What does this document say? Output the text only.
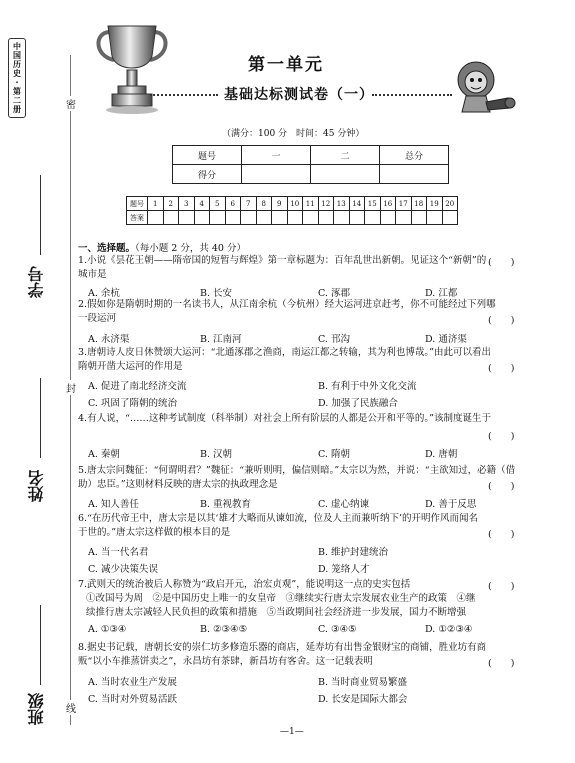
中
国
历
史
·
第
二
册	密
封
线
学号
姓名
班级
第一单元
基础达标测试卷（一）
（满分：100 分　时间：45 分钟）
题号	一	二	总分
得分			
题号	1	2	3	4	5	6	7	8	9	10	11	12	13	14	15	16	17	18	19	20
答案																				
一、选择题。（每小题 2 分，共 40 分）
1.小说《昙花王朝——隋帝国的短暂与辉煌》第一章标题为：百年乱世出新朝。见证这个“新朝”的
城市是
(　　)
A. 余杭	B. 长安	C. 涿郡	D. 江都
2.假如你是隋朝时期的一名读书人，从江南余杭（今杭州）经大运河进京赶考，你不可能经过下列哪
一段运河	(　　)
A. 永济渠	B. 江南河	C. 邗沟	D. 通济渠
3.唐朝诗人皮日休赞颂大运河：“北通涿郡之渔商，南运江都之转输，其为利也博哉。”由此可以看出
隋朝开凿大运河的作用是	(　　)
A. 促进了南北经济交流	B. 有利于中外文化交流
C. 巩固了隋朝的统治	D. 加强了民族融合
4.有人说，“……这种考试制度（科举制）对社会上所有阶层的人都是公开和平等的。”该制度诞生于
(　　)
A. 秦朝	B. 汉朝	C. 隋朝	D. 唐朝
5.唐太宗问魏征：“何谓明君？”魏征：“兼听则明，偏信则暗。”太宗以为然，并说：“主欲知过，必籍（借
助）忠臣。”这则材料反映的唐太宗的执政理念是	(　　)
A. 知人善任	B. 重视教育	C. 虚心纳谏	D. 善于反思
6.“在历代帝王中，唐太宗是以其‘雄才大略而从谏如流，位及人主而兼听纳下’的开明作风而闻名
于世的。”唐太宗这样做的根本目的是	(　　)
A. 当一代名君	B. 维护封建统治
C. 减少决策失误	D. 笼络人才
7.武则天的统治被后人称赞为“政启开元，治宏贞观”，能说明这一点的史实包括
①改国号为周　②是中国历史上唯一的女皇帝　③继续实行唐太宗发展农业生产的政策　④继
续推行唐太宗减轻人民负担的政策和措施　⑤当政期间社会经济进一步发展，国力不断增强
(　　)
A. ①③④	B. ②③④⑤	C. ③④⑤	D. ①②③④
8.据史书记载，唐朝长安的崇仁坊多修造乐器的商店，延寿坊有出售金银财宝的商铺，胜业坊有商
贩“以小车推蒸饼卖之”，永昌坊有茶肆，新昌坊有客舍。这一记载表明	(　　)
A. 当时农业生产发展	B. 当时商业贸易繁盛
C. 当时对外贸易活跃	D. 长安是国际大都会
—1—
